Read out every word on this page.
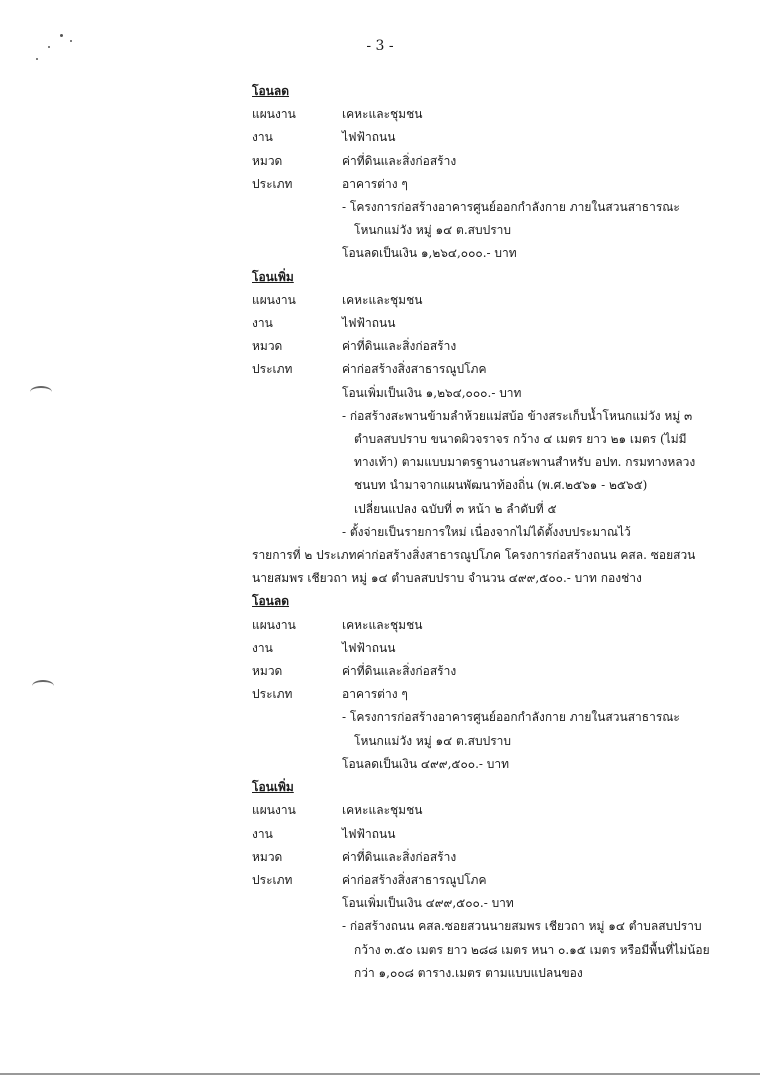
- 3 -
โอนลด
แผนงาน	เคหะและชุมชน
งาน	ไฟฟ้าถนน
หมวด	ค่าที่ดินและสิ่งก่อสร้าง
ประเภท	อาคารต่าง ๆ
- โครงการก่อสร้างอาคารศูนย์ออกกำลังกาย ภายในสวนสาธารณะ โหนกแม่วัง หมู่ ๑๔ ต.สบปราบ
โอนลดเป็นเงิน ๑,๒๖๔,๐๐๐.- บาท
โอนเพิ่ม
แผนงาน	เคหะและชุมชน
งาน	ไฟฟ้าถนน
หมวด	ค่าที่ดินและสิ่งก่อสร้าง
ประเภท	ค่าก่อสร้างสิ่งสาธารณูปโภค
โอนเพิ่มเป็นเงิน ๑,๒๖๔,๐๐๐.- บาท
- ก่อสร้างสะพานข้ามลำห้วยแม่สบ้อ ข้างสระเก็บน้ำโหนกแม่วัง หมู่ ๓ ตำบลสบปราบ ขนาดผิวจราจร กว้าง ๔ เมตร ยาว ๒๑ เมตร (ไม่มีทางเท้า) ตามแบบมาตรฐานงานสะพานสำหรับ อปท. กรมทางหลวงชนบท นำมาจากแผนพัฒนาท้องถิ่น (พ.ศ.๒๕๖๑ - ๒๕๖๕) เปลี่ยนแปลง ฉบับที่ ๓ หน้า ๒ ลำดับที่ ๕
- ตั้งจ่ายเป็นรายการใหม่ เนื่องจากไม่ได้ตั้งงบประมาณไว้
รายการที่ ๒ ประเภทค่าก่อสร้างสิ่งสาธารณูปโภค โครงการก่อสร้างถนน คสล. ซอยสวนนายสมพร เชียวถา หมู่ ๑๔ ตำบลสบปราบ จำนวน ๔๙๙,๕๐๐.- บาท กองช่าง
โอนลด
แผนงาน	เคหะและชุมชน
งาน	ไฟฟ้าถนน
หมวด	ค่าที่ดินและสิ่งก่อสร้าง
ประเภท	อาคารต่าง ๆ
- โครงการก่อสร้างอาคารศูนย์ออกกำลังกาย ภายในสวนสาธารณะ โหนกแม่วัง หมู่ ๑๔ ต.สบปราบ
โอนลดเป็นเงิน ๔๙๙,๕๐๐.- บาท
โอนเพิ่ม
แผนงาน	เคหะและชุมชน
งาน	ไฟฟ้าถนน
หมวด	ค่าที่ดินและสิ่งก่อสร้าง
ประเภท	ค่าก่อสร้างสิ่งสาธารณูปโภค
โอนเพิ่มเป็นเงิน ๔๙๙,๕๐๐.- บาท
- ก่อสร้างถนน คสล.ซอยสวนนายสมพร เชียวถา หมู่ ๑๔ ตำบลสบปราบ กว้าง ๓.๕๐ เมตร ยาว ๒๘๘ เมตร หนา ๐.๑๕ เมตร หรือมีพื้นที่ไม่น้อยกว่า ๑,๐๐๘ ตาราง.เมตร ตามแบบแปลนของ
